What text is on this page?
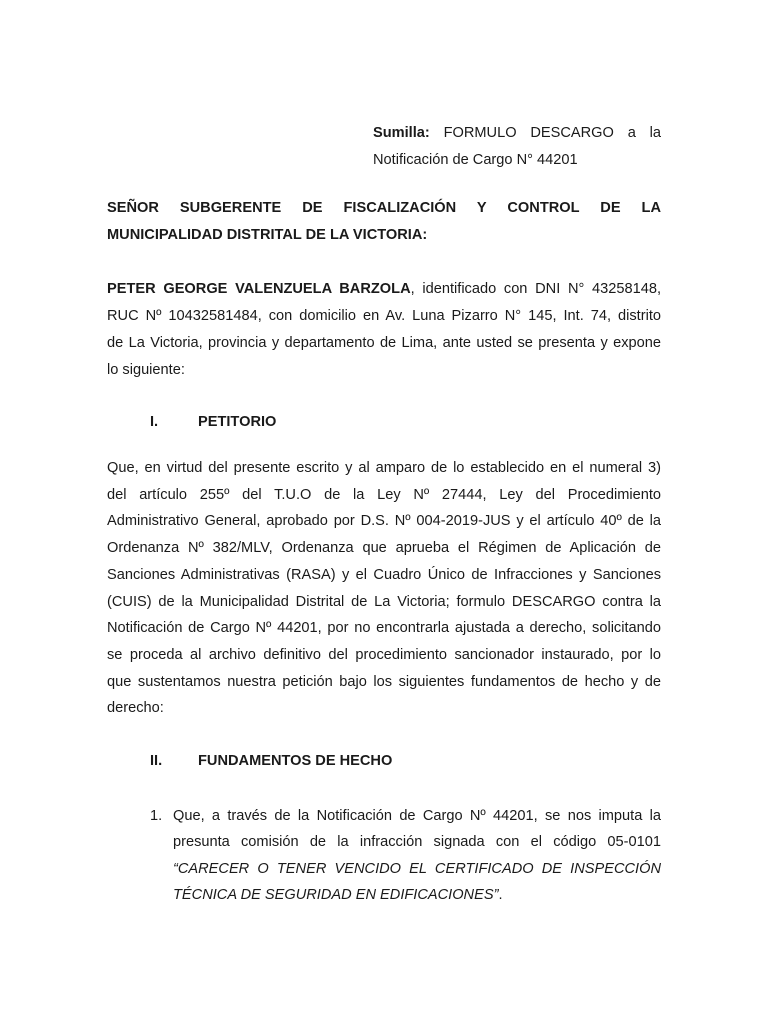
Sumilla: FORMULO DESCARGO a la
Notificación de Cargo N° 44201
SEÑOR SUBGERENTE DE FISCALIZACIÓN Y CONTROL DE LA
MUNICIPALIDAD DISTRITAL DE LA VICTORIA:
PETER GEORGE VALENZUELA BARZOLA, identificado con DNI N° 43258148,
RUC Nº 10432581484, con domicilio en Av. Luna Pizarro N° 145, Int. 74, distrito
de La Victoria, provincia y departamento de Lima, ante usted se presenta y expone
lo siguiente:
I.	PETITORIO
Que, en virtud del presente escrito y al amparo de lo establecido en el numeral 3)
del artículo 255º del T.U.O de la Ley Nº 27444, Ley del Procedimiento
Administrativo General, aprobado por D.S. Nº 004-2019-JUS y el artículo 40º de la
Ordenanza Nº 382/MLV, Ordenanza que aprueba el Régimen de Aplicación de
Sanciones Administrativas (RASA) y el Cuadro Único de Infracciones y Sanciones
(CUIS) de la Municipalidad Distrital de La Victoria; formulo DESCARGO contra la
Notificación de Cargo Nº 44201, por no encontrarla ajustada a derecho, solicitando
se proceda al archivo definitivo del procedimiento sancionador instaurado, por lo
que sustentamos nuestra petición bajo los siguientes fundamentos de hecho y de
derecho:
II. FUNDAMENTOS DE HECHO
1. Que, a través de la Notificación de Cargo Nº 44201, se nos imputa la
presunta comisión de la infracción signada con el código 05-0101
“CARECER O TENER VENCIDO EL CERTIFICADO DE INSPECCIÓN
TÉCNICA DE SEGURIDAD EN EDIFICACIONES”.
